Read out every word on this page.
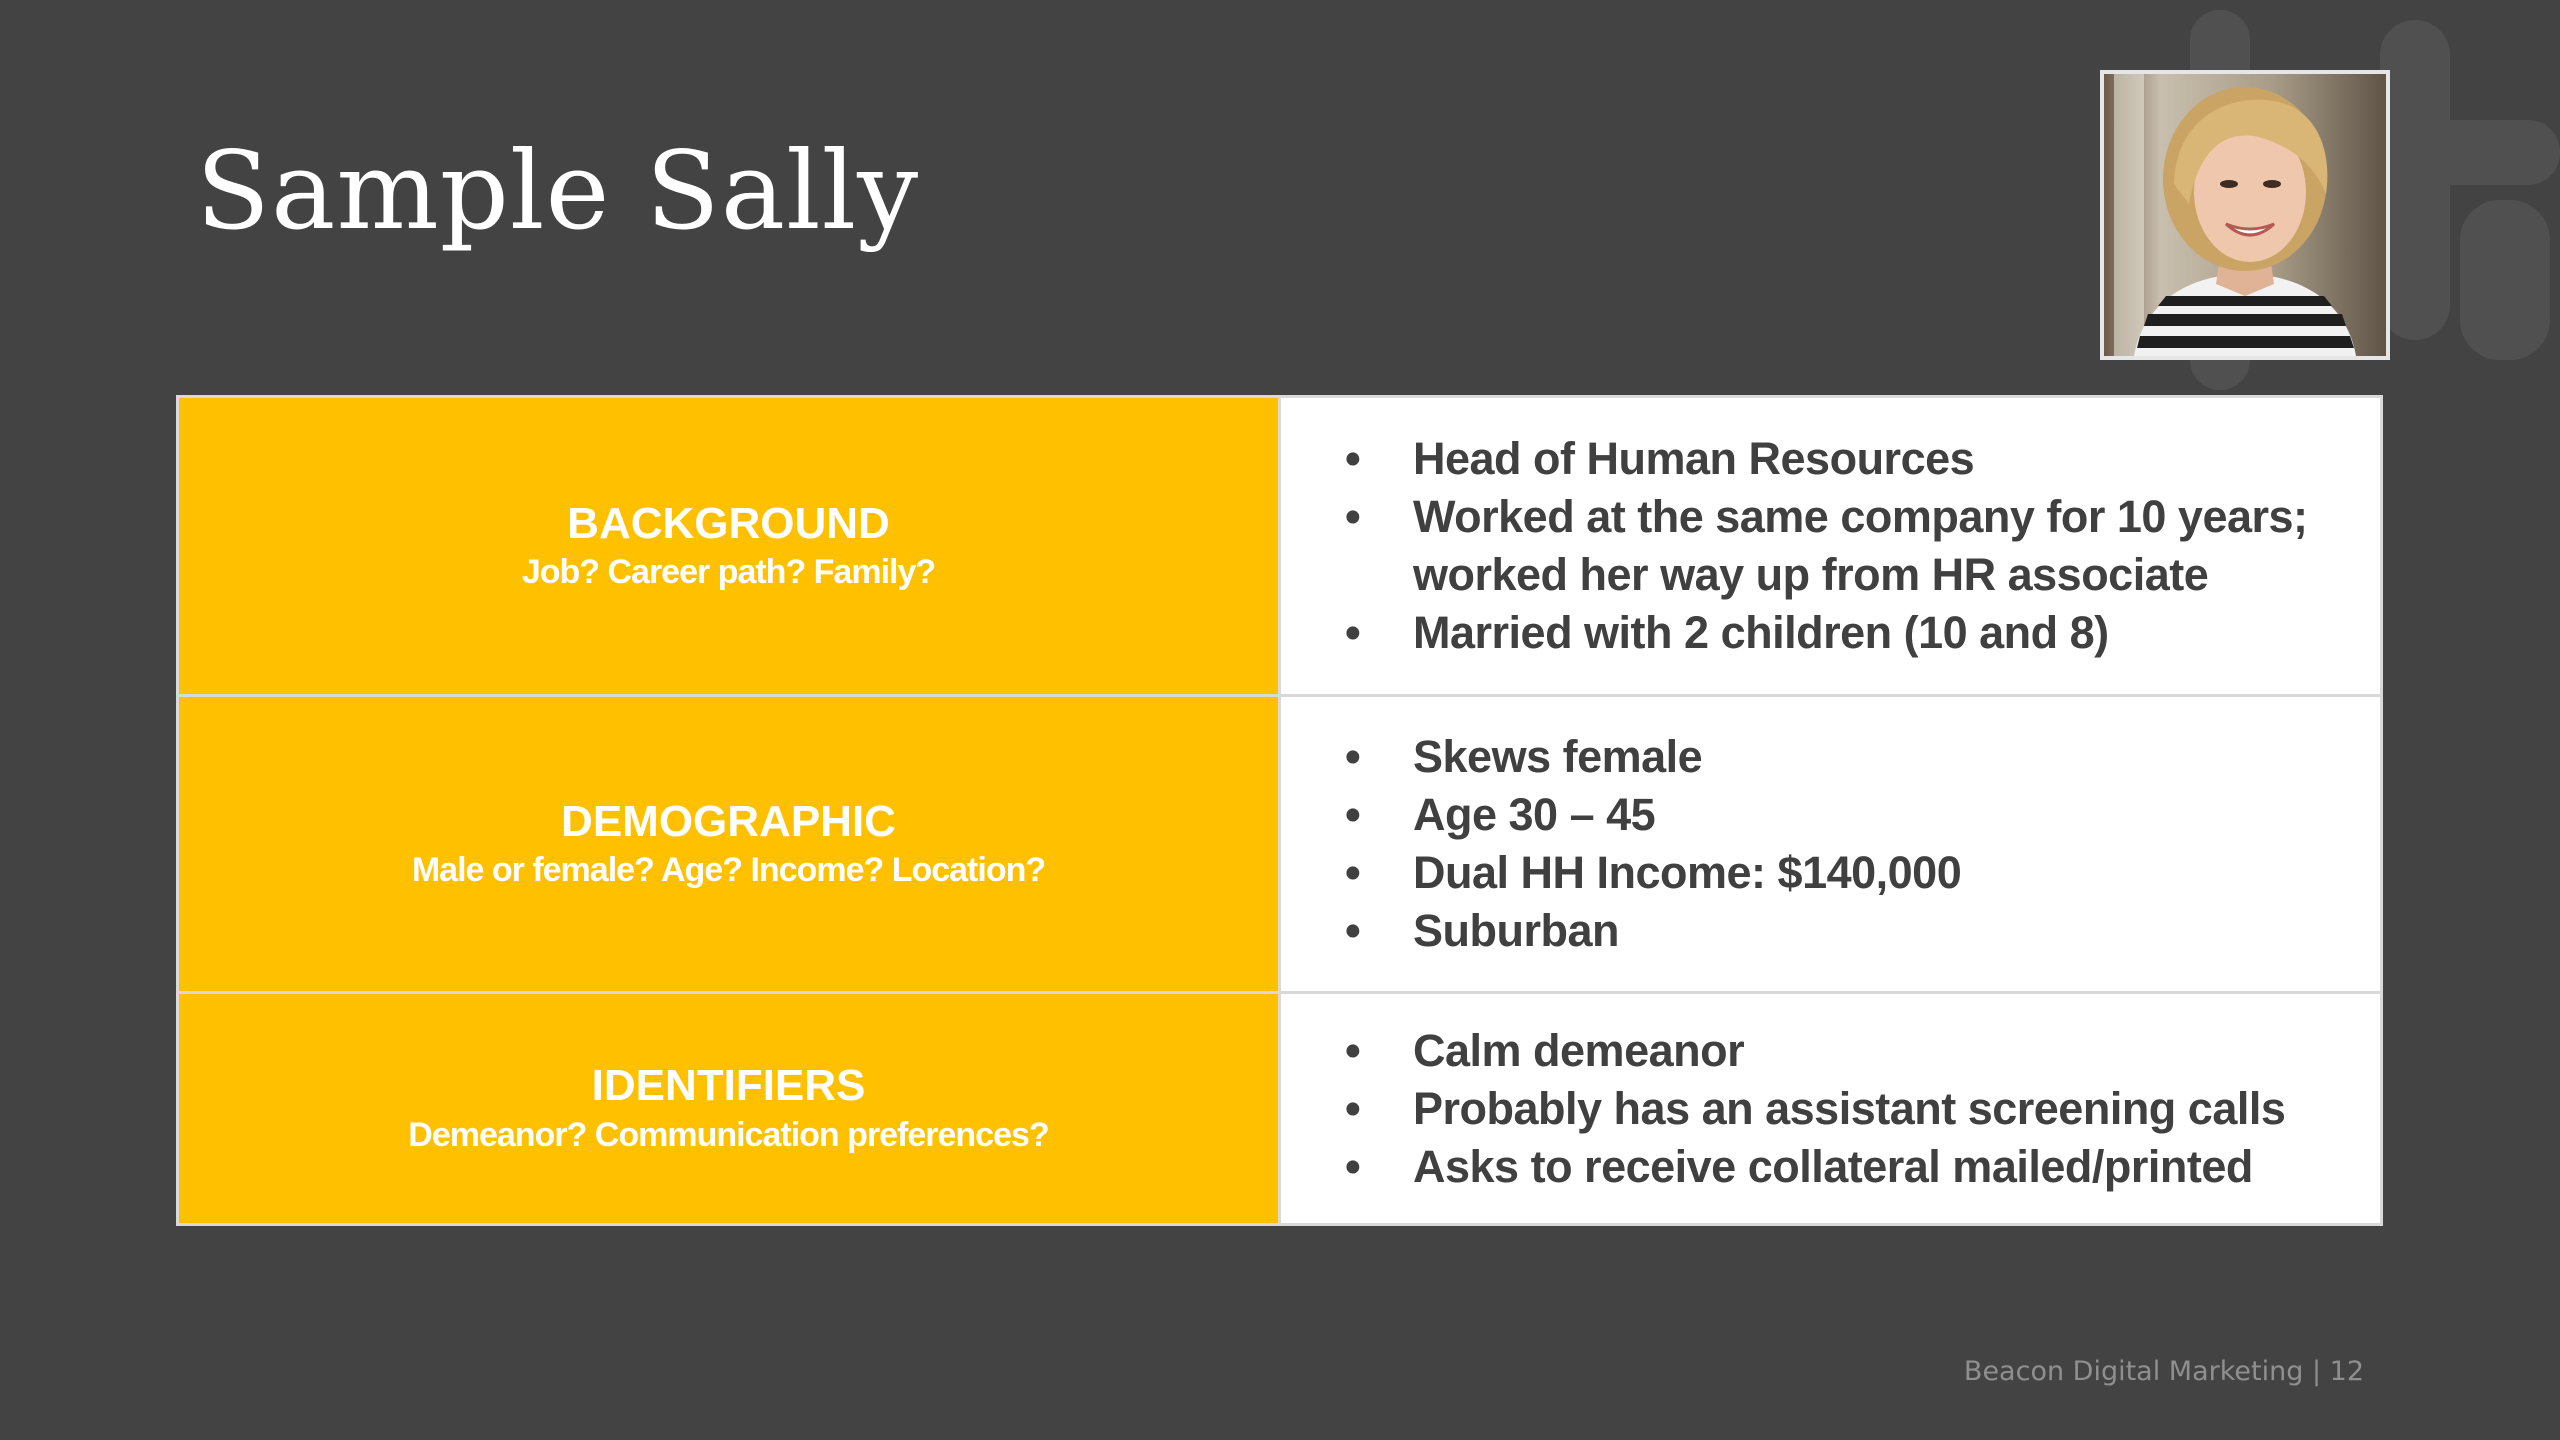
Sample Sally
BACKGROUND
Job? Career path? Family?
• Head of Human Resources
• Worked at the same company for 10 years; worked her way up from HR associate
• Married with 2 children (10 and 8)
DEMOGRAPHIC
Male or female? Age? Income? Location?
• Skews female
• Age 30 – 45
• Dual HH Income: $140,000
• Suburban
IDENTIFIERS
Demeanor? Communication preferences?
• Calm demeanor
• Probably has an assistant screening calls
• Asks to receive collateral mailed/printed
Beacon Digital Marketing | 12
